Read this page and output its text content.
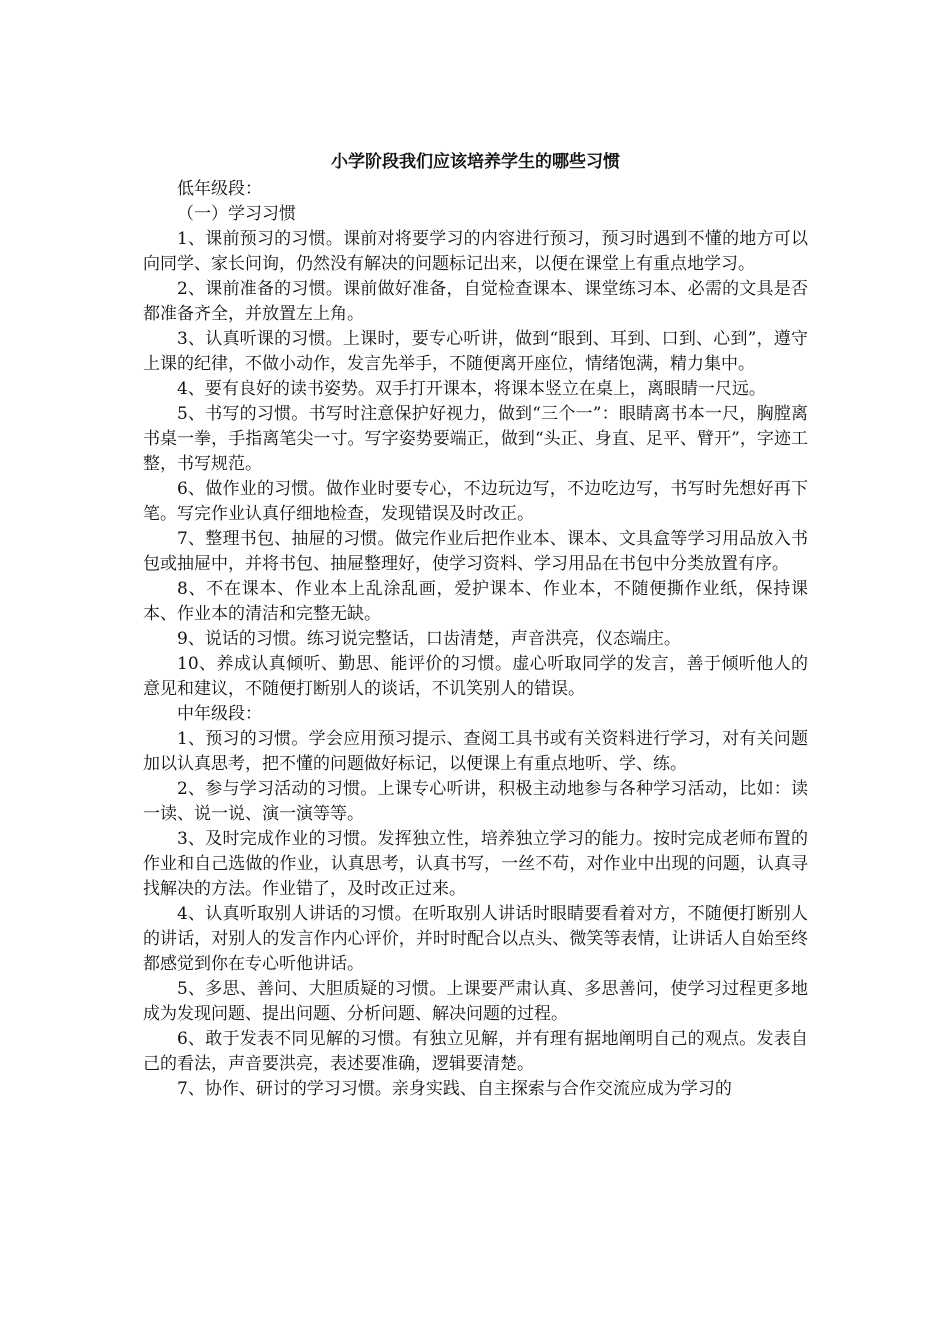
小学阶段我们应该培养学生的哪些习惯

低年级段：

（一）学习习惯

1、课前预习的习惯。课前对将要学习的内容进行预习，预习时遇到不懂的地方可以向同学、家长问询，仍然没有解决的问题标记出来，以便在课堂上有重点地学习。

2、课前准备的习惯。课前做好准备，自觉检查课本、课堂练习本、必需的文具是否都准备齐全，并放置左上角。

3、认真听课的习惯。上课时，要专心听讲，做到“眼到、耳到、口到、心到”，遵守上课的纪律，不做小动作，发言先举手，不随便离开座位，情绪饱满，精力集中。

4、要有良好的读书姿势。双手打开课本，将课本竖立在桌上，离眼睛一尺远。

5、书写的习惯。书写时注意保护好视力，做到“三个一”：眼睛离书本一尺，胸膛离书桌一拳，手指离笔尖一寸。写字姿势要端正，做到“头正、身直、足平、臂开”，字迹工整，书写规范。

6、做作业的习惯。做作业时要专心，不边玩边写，不边吃边写，书写时先想好再下笔。写完作业认真仔细地检查，发现错误及时改正。

7、整理书包、抽屉的习惯。做完作业后把作业本、课本、文具盒等学习用品放入书包或抽屉中，并将书包、抽屉整理好，使学习资料、学习用品在书包中分类放置有序。

8、不在课本、作业本上乱涂乱画，爱护课本、作业本，不随便撕作业纸，保持课本、作业本的清洁和完整无缺。

9、说话的习惯。练习说完整话，口齿清楚，声音洪亮，仪态端庄。

10、养成认真倾听、勤思、能评价的习惯。虚心听取同学的发言，善于倾听他人的意见和建议，不随便打断别人的谈话，不讥笑别人的错误。

中年级段：

1、预习的习惯。学会应用预习提示、查阅工具书或有关资料进行学习，对有关问题加以认真思考，把不懂的问题做好标记，以便课上有重点地听、学、练。

2、参与学习活动的习惯。上课专心听讲，积极主动地参与各种学习活动，比如：读一读、说一说、演一演等等。

3、及时完成作业的习惯。发挥独立性，培养独立学习的能力。按时完成老师布置的作业和自己选做的作业，认真思考，认真书写，一丝不苟，对作业中出现的问题，认真寻找解决的方法。作业错了，及时改正过来。

4、认真听取别人讲话的习惯。在听取别人讲话时眼睛要看着对方，不随便打断别人的讲话，对别人的发言作内心评价，并时时配合以点头、微笑等表情，让讲话人自始至终都感觉到你在专心听他讲话。

5、多思、善问、大胆质疑的习惯。上课要严肃认真、多思善问，使学习过程更多地成为发现问题、提出问题、分析问题、解决问题的过程。

6、敢于发表不同见解的习惯。有独立见解，并有理有据地阐明自己的观点。发表自己的看法，声音要洪亮，表述要准确，逻辑要清楚。

7、协作、研讨的学习习惯。亲身实践、自主探索与合作交流应成为学习的
